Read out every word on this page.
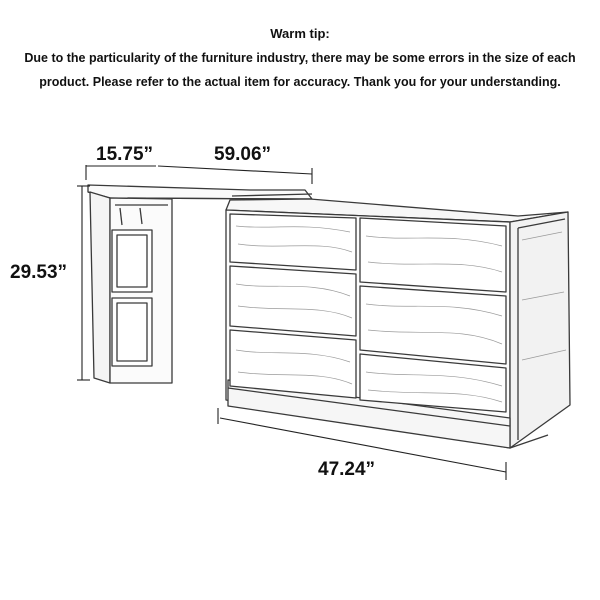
Warm tip:
Due to the particularity of the furniture industry, there may be some errors in the size of each
product. Please refer to the actual item for accuracy. Thank you for your understanding.
15.75”	59.06”
29.53”
47.24”
